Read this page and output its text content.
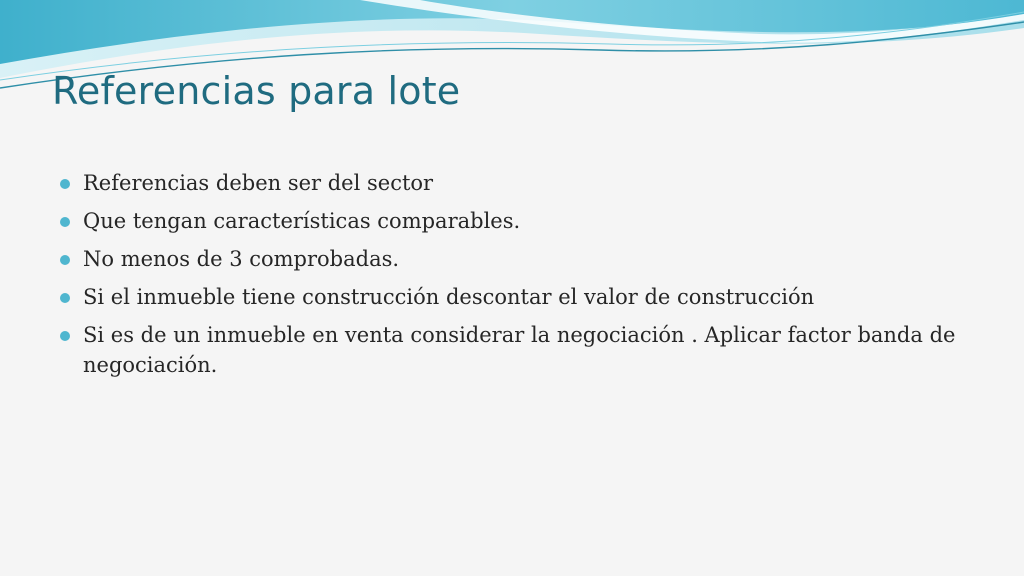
Referencias para lote
Referencias deben ser del sector
Que tengan características comparables.
No menos de 3 comprobadas.
Si el inmueble tiene construcción descontar el valor de construcción
Si es de un inmueble en venta considerar la negociación . Aplicar factor banda de negociación.
